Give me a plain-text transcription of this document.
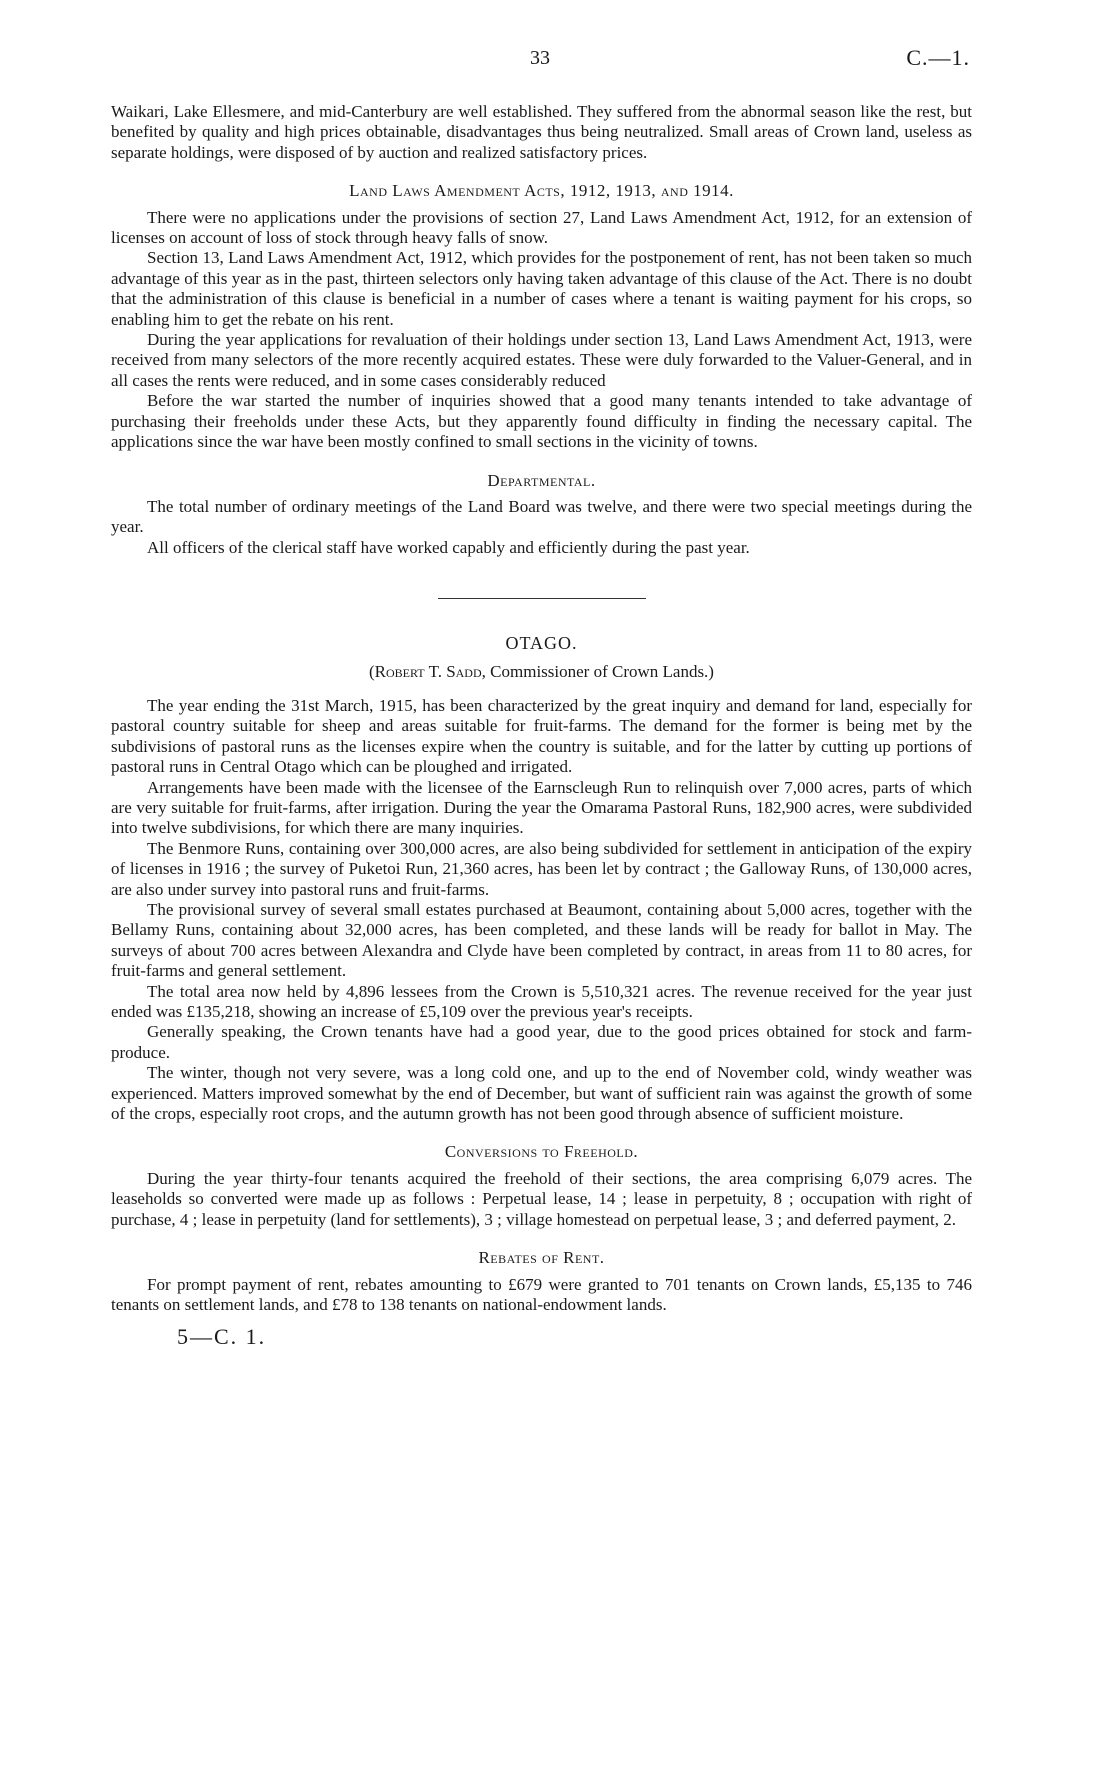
33	C.—1.

Waikari, Lake Ellesmere, and mid-Canterbury are well established. They suffered from the abnormal season like the rest, but benefited by quality and high prices obtainable, disadvantages thus being neutralized. Small areas of Crown land, useless as separate holdings, were disposed of by auction and realized satisfactory prices.

Land Laws Amendment Acts, 1912, 1913, and 1914.

There were no applications under the provisions of section 27, Land Laws Amendment Act, 1912, for an extension of licenses on account of loss of stock through heavy falls of snow.

Section 13, Land Laws Amendment Act, 1912, which provides for the postponement of rent, has not been taken so much advantage of this year as in the past, thirteen selectors only having taken advantage of this clause of the Act. There is no doubt that the administration of this clause is beneficial in a number of cases where a tenant is waiting payment for his crops, so enabling him to get the rebate on his rent.

During the year applications for revaluation of their holdings under section 13, Land Laws Amendment Act, 1913, were received from many selectors of the more recently acquired estates. These were duly forwarded to the Valuer-General, and in all cases the rents were reduced, and in some cases considerably reduced

Before the war started the number of inquiries showed that a good many tenants intended to take advantage of purchasing their freeholds under these Acts, but they apparently found difficulty in finding the necessary capital. The applications since the war have been mostly confined to small sections in the vicinity of towns.

Departmental.

The total number of ordinary meetings of the Land Board was twelve, and there were two special meetings during the year.

All officers of the clerical staff have worked capably and efficiently during the past year.

OTAGO.
(Robert T. Sadd, Commissioner of Crown Lands.)

The year ending the 31st March, 1915, has been characterized by the great inquiry and demand for land, especially for pastoral country suitable for sheep and areas suitable for fruit-farms. The demand for the former is being met by the subdivisions of pastoral runs as the licenses expire when the country is suitable, and for the latter by cutting up portions of pastoral runs in Central Otago which can be ploughed and irrigated.

Arrangements have been made with the licensee of the Earnscleugh Run to relinquish over 7,000 acres, parts of which are very suitable for fruit-farms, after irrigation. During the year the Omarama Pastoral Runs, 182,900 acres, were subdivided into twelve subdivisions, for which there are many inquiries.

The Benmore Runs, containing over 300,000 acres, are also being subdivided for settlement in anticipation of the expiry of licenses in 1916 ; the survey of Puketoi Run, 21,360 acres, has been let by contract ; the Galloway Runs, of 130,000 acres, are also under survey into pastoral runs and fruit-farms.

The provisional survey of several small estates purchased at Beaumont, containing about 5,000 acres, together with the Bellamy Runs, containing about 32,000 acres, has been completed, and these lands will be ready for ballot in May. The surveys of about 700 acres between Alexandra and Clyde have been completed by contract, in areas from 11 to 80 acres, for fruit-farms and general settlement.

The total area now held by 4,896 lessees from the Crown is 5,510,321 acres. The revenue received for the year just ended was £135,218, showing an increase of £5,109 over the previous year's receipts.

Generally speaking, the Crown tenants have had a good year, due to the good prices obtained for stock and farm-produce.

The winter, though not very severe, was a long cold one, and up to the end of November cold, windy weather was experienced. Matters improved somewhat by the end of December, but want of sufficient rain was against the growth of some of the crops, especially root crops, and the autumn growth has not been good through absence of sufficient moisture.

Conversions to Freehold.

During the year thirty-four tenants acquired the freehold of their sections, the area comprising 6,079 acres. The leaseholds so converted were made up as follows : Perpetual lease, 14 ; lease in perpetuity, 8 ; occupation with right of purchase, 4 ; lease in perpetuity (land for settlements), 3 ; village homestead on perpetual lease, 3 ; and deferred payment, 2.

Rebates of Rent.

For prompt payment of rent, rebates amounting to £679 were granted to 701 tenants on Crown lands, £5,135 to 746 tenants on settlement lands, and £78 to 138 tenants on national-endowment lands.

5—C. 1.
